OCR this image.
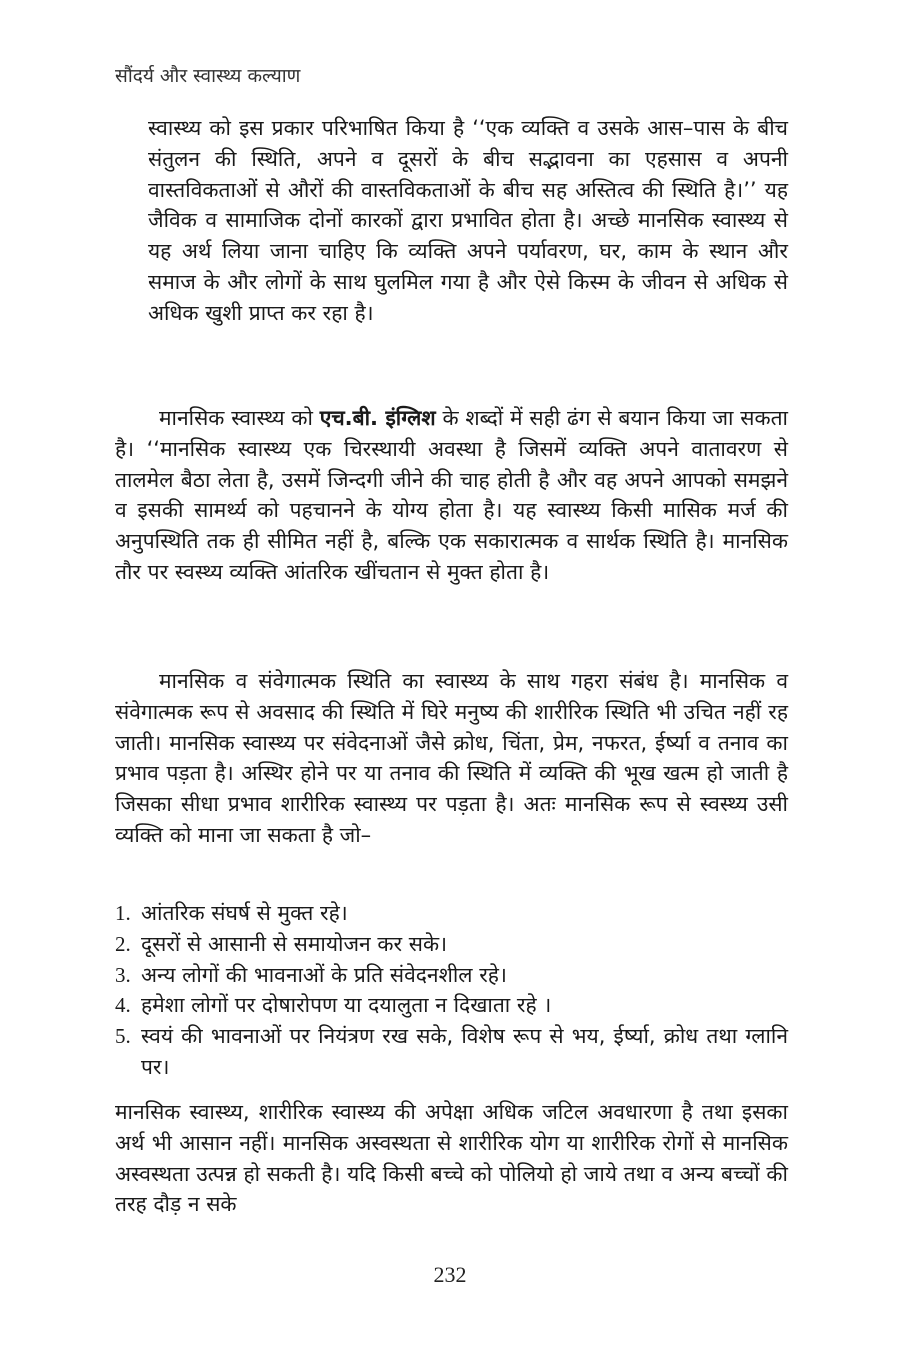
सौंदर्य और स्वास्थ्य कल्याण
स्वास्थ्य को इस प्रकार परिभाषित किया है ‘‘एक व्यक्ति व उसके आस–पास के बीच संतुलन की स्थिति, अपने व दूसरों के बीच सद्भावना का एहसास व अपनी वास्तविकताओं से औरों की वास्तविकताओं के बीच सह अस्तित्व की स्थिति है।’’ यह जैविक व सामाजिक दोनों कारकों द्वारा प्रभावित होता है। अच्छे मानसिक स्वास्थ्य से यह अर्थ लिया जाना चाहिए कि व्यक्ति अपने पर्यावरण, घर, काम के स्थान और समाज के और लोगों के साथ घुलमिल गया है और ऐसे किस्म के जीवन से अधिक से अधिक खुशी प्राप्त कर रहा है।
मानसिक स्वास्थ्य को एच.बी. इंग्लिश के शब्दों में सही ढंग से बयान किया जा सकता है। ‘‘मानसिक स्वास्थ्य एक चिरस्थायी अवस्था है जिसमें व्यक्ति अपने वातावरण से तालमेल बैठा लेता है, उसमें जिन्दगी जीने की चाह होती है और वह अपने आपको समझने व इसकी सामर्थ्य को पहचानने के योग्य होता है। यह स्वास्थ्य किसी मासिक मर्ज की अनुपस्थिति तक ही सीमित नहीं है, बल्कि एक सकारात्मक व सार्थक स्थिति है। मानसिक तौर पर स्वस्थ्य व्यक्ति आंतरिक खींचतान से मुक्त होता है।
मानसिक व संवेगात्मक स्थिति का स्वास्थ्य के साथ गहरा संबंध है। मानसिक व संवेगात्मक रूप से अवसाद की स्थिति में घिरे मनुष्य की शारीरिक स्थिति भी उचित नहीं रह जाती। मानसिक स्वास्थ्य पर संवेदनाओं जैसे क्रोध, चिंता, प्रेम, नफरत, ईर्ष्या व तनाव का प्रभाव पड़ता है। अस्थिर होने पर या तनाव की स्थिति में व्यक्ति की भूख खत्म हो जाती है जिसका सीधा प्रभाव शारीरिक स्वास्थ्य पर पड़ता है। अतः मानसिक रूप से स्वस्थ्य उसी व्यक्ति को माना जा सकता है जो–
1. आंतरिक संघर्ष से मुक्त रहे।
2. दूसरों से आसानी से समायोजन कर सके।
3. अन्य लोगों की भावनाओं के प्रति संवेदनशील रहे।
4. हमेशा लोगों पर दोषारोपण या दयालुता न दिखाता रहे ।
5. स्वयं की भावनाओं पर नियंत्रण रख सके, विशेष रूप से भय, ईर्ष्या, क्रोध तथा ग्लानि पर।
मानसिक स्वास्थ्य, शारीरिक स्वास्थ्य की अपेक्षा अधिक जटिल अवधारणा है तथा इसका अर्थ भी आसान नहीं। मानसिक अस्वस्थता से शारीरिक योग या शारीरिक रोगों से मानसिक अस्वस्थता उत्पन्न हो सकती है। यदि किसी बच्चे को पोलियो हो जाये तथा व अन्य बच्चों की तरह दौड़ न सके
232
